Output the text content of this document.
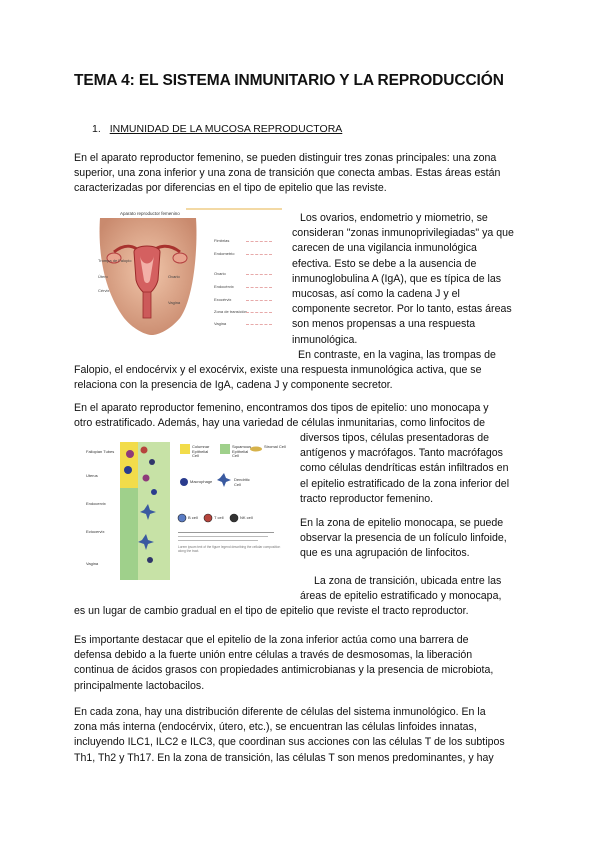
TEMA 4: EL SISTEMA INMUNITARIO Y LA REPRODUCCIÓN
1. INMUNIDAD DE LA MUCOSA REPRODUCTORA
En el aparato reproductor femenino, se pueden distinguir tres zonas principales: una zona
superior, una zona inferior y una zona de transición que conecta ambas. Estas áreas están
caracterizadas por diferencias en el tipo de epitelio que las reviste.
Aparato reproductor femenino
Trompa de Falopio
Útero	Ovario
Cérvix
Vagina
Fimbrias
Endometrio
Ovario
Endocérvix
Exocérvix
Zona de transición
Vagina
Los ovarios, endometrio y miometrio, se
consideran "zonas inmunoprivilegiadas" ya que
carecen de una vigilancia inmunológica
efectiva. Esto se debe a la ausencia de
inmunoglobulina A (IgA), que es típica de las
mucosas, así como la cadena J y el
componente secretor. Por lo tanto, estas áreas
son menos propensas a una respuesta
inmunológica.
En contraste, en la vagina, las trompas de
Falopio, el endocérvix y el exocérvix, existe una respuesta inmunológica activa, que se
relaciona con la presencia de IgA, cadena J y componente secretor.
En el aparato reproductor femenino, encontramos dos tipos de epitelio: uno monocapa y
otro estratificado. Además, hay una variedad de células inmunitarias, como linfocitos de
Fallopian Tubes
Uterus
Endocervix
Ectocervix
Vagina
Columnar Epithelial Cell
Squamous Epithelial Cell
Stromal Cell
Macrophage	Dendritic Cell
B cell	T cell	NK cell
Lorem ipsum text of the figure legend describing the cellular composition along the tract.
diversos tipos, células presentadoras de
antígenos y macrófagos. Tanto macrófagos
como células dendríticas están infiltrados en
el epitelio estratificado de la zona inferior del
tracto reproductor femenino.
En la zona de epitelio monocapa, se puede
observar la presencia de un folículo linfoide,
que es una agrupación de linfocitos.
La zona de transición, ubicada entre las
áreas de epitelio estratificado y monocapa,
es un lugar de cambio gradual en el tipo de epitelio que reviste el tracto reproductor.
Es importante destacar que el epitelio de la zona inferior actúa como una barrera de
defensa debido a la fuerte unión entre células a través de desmosomas, la liberación
continua de ácidos grasos con propiedades antimicrobianas y la presencia de microbiota,
principalmente lactobacilos.
En cada zona, hay una distribución diferente de células del sistema inmunológico. En la
zona más interna (endocérvix, útero, etc.), se encuentran las células linfoides innatas,
incluyendo ILC1, ILC2 e ILC3, que coordinan sus acciones con las células T de los subtipos
Th1, Th2 y Th17. En la zona de transición, las células T son menos predominantes, y hay
